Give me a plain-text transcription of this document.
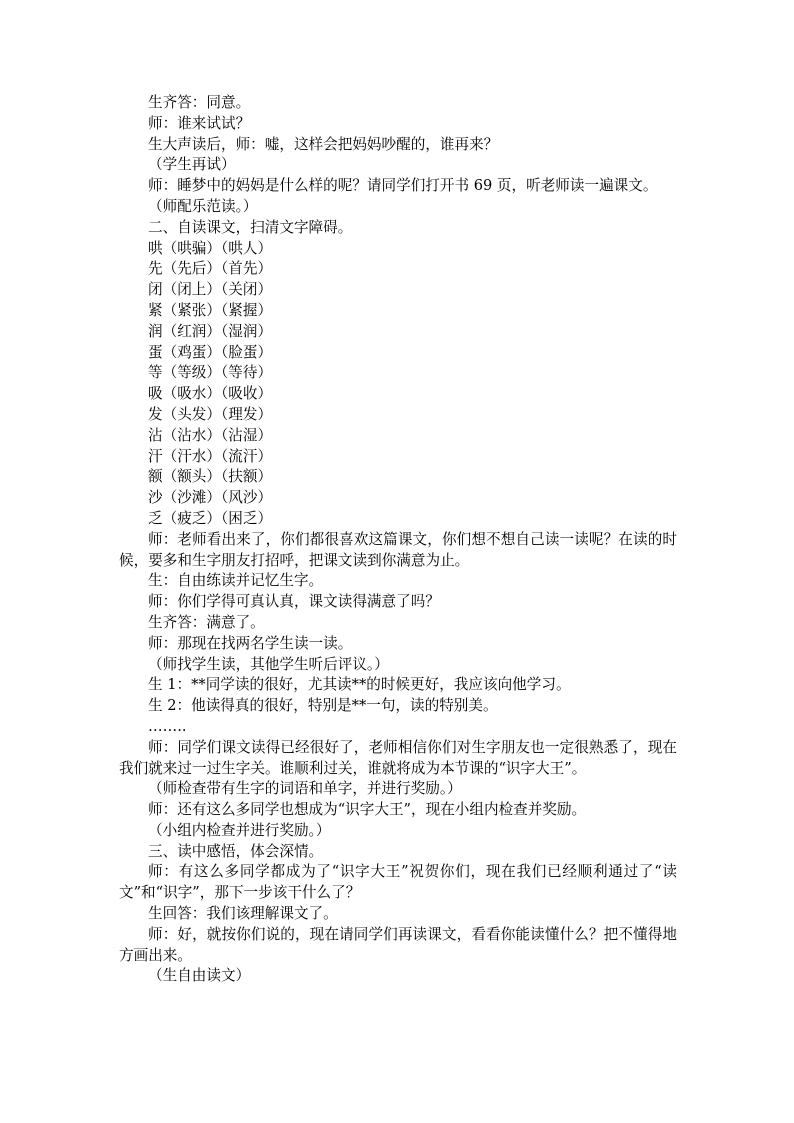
生齐答：同意。

师：谁来试试？

生大声读后，师：嘘，这样会把妈妈吵醒的，谁再来？

（学生再试）

师：睡梦中的妈妈是什么样的呢？请同学们打开书 69 页，听老师读一遍课文。

（师配乐范读。）

二、自读课文，扫清文字障碍。

哄（哄骗）（哄人）

先（先后）（首先）

闭（闭上）（关闭）

紧（紧张）（紧握）

润（红润）（湿润）

蛋（鸡蛋）（脸蛋）

等（等级）（等待）

吸（吸水）（吸收）

发（头发）（理发）

沾（沾水）（沾湿）

汗（汗水）（流汗）

额（额头）（扶额）

沙（沙滩）（风沙）

乏（疲乏）（困乏）

师：老师看出来了，你们都很喜欢这篇课文，你们想不想自己读一读呢？在读的时候，要多和生字朋友打招呼，把课文读到你满意为止。

生：自由练读并记忆生字。

师：你们学得可真认真，课文读得满意了吗？

生齐答：满意了。

师：那现在找两名学生读一读。

（师找学生读，其他学生听后评议。）

生 1：**同学读的很好，尤其读**的时候更好，我应该向他学习。

生 2：他读得真的很好，特别是**一句，读的特别美。

……..

师：同学们课文读得已经很好了，老师相信你们对生字朋友也一定很熟悉了，现在我们就来过一过生字关。谁顺利过关，谁就将成为本节课的“识字大王”。

（师检查带有生字的词语和单字，并进行奖励。）

师：还有这么多同学也想成为“识字大王”，现在小组内检查并奖励。

（小组内检查并进行奖励。）

三、读中感悟，体会深情。

师：有这么多同学都成为了“识字大王”祝贺你们，现在我们已经顺利通过了“读文”和“识字”，那下一步该干什么了？

生回答：我们该理解课文了。

师：好，就按你们说的，现在请同学们再读课文，看看你能读懂什么？把不懂得地方画出来。

（生自由读文）
